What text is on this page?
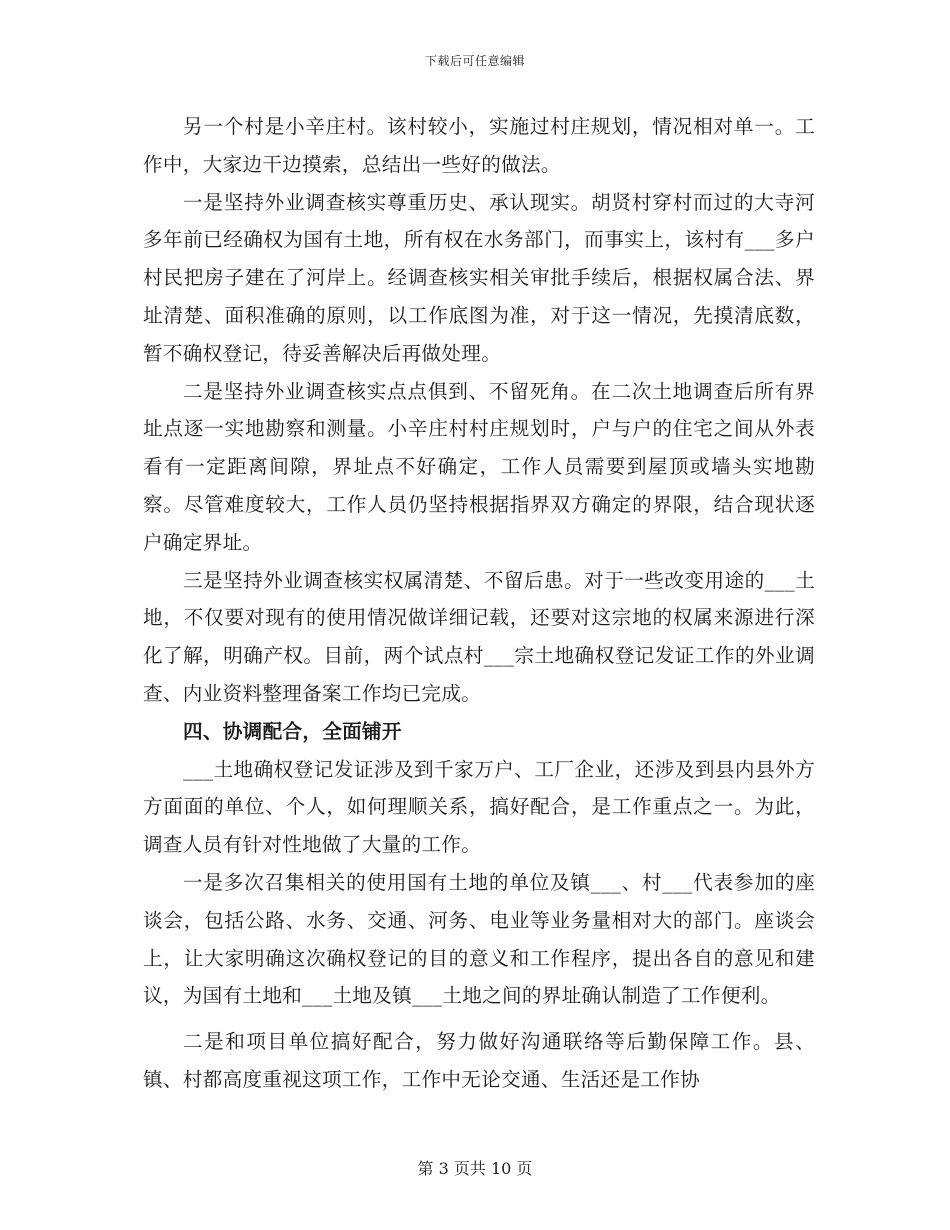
下载后可任意编辑

另一个村是小辛庄村。该村较小，实施过村庄规划，情况相对单一。工作中，大家边干边摸索，总结出一些好的做法。

一是坚持外业调查核实尊重历史、承认现实。胡贤村穿村而过的大寺河多年前已经确权为国有土地，所有权在水务部门，而事实上，该村有___多户村民把房子建在了河岸上。经调查核实相关审批手续后，根据权属合法、界址清楚、面积准确的原则，以工作底图为准，对于这一情况，先摸清底数，暂不确权登记，待妥善解决后再做处理。

二是坚持外业调查核实点点俱到、不留死角。在二次土地调查后所有界址点逐一实地勘察和测量。小辛庄村村庄规划时，户与户的住宅之间从外表看有一定距离间隙，界址点不好确定，工作人员需要到屋顶或墙头实地勘察。尽管难度较大，工作人员仍坚持根据指界双方确定的界限，结合现状逐户确定界址。

三是坚持外业调查核实权属清楚、不留后患。对于一些改变用途的___土地，不仅要对现有的使用情况做详细记载，还要对这宗地的权属来源进行深化了解，明确产权。目前，两个试点村___宗土地确权登记发证工作的外业调查、内业资料整理备案工作均已完成。

四、协调配合，全面铺开

___土地确权登记发证涉及到千家万户、工厂企业，还涉及到县内县外方方面面的单位、个人，如何理顺关系，搞好配合，是工作重点之一。为此，调查人员有针对性地做了大量的工作。

一是多次召集相关的使用国有土地的单位及镇___、村___代表参加的座谈会，包括公路、水务、交通、河务、电业等业务量相对大的部门。座谈会上，让大家明确这次确权登记的目的意义和工作程序，提出各自的意见和建议，为国有土地和___土地及镇___土地之间的界址确认制造了工作便利。

二是和项目单位搞好配合，努力做好沟通联络等后勤保障工作。县、镇、村都高度重视这项工作，工作中无论交通、生活还是工作协

第 3 页共 10 页
